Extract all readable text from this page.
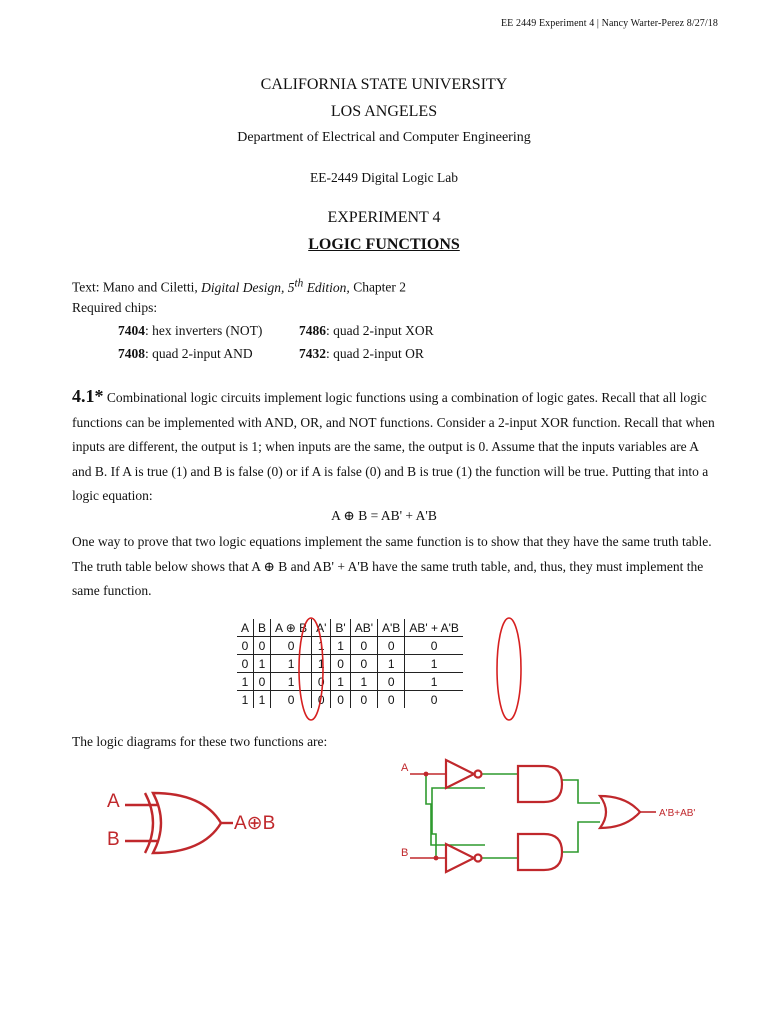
EE 2449 Experiment 4 | Nancy Warter-Perez 8/27/18
CALIFORNIA STATE UNIVERSITY
LOS ANGELES
Department of Electrical and Computer Engineering
EE-2449 Digital Logic Lab
EXPERIMENT 4
LOGIC FUNCTIONS
Text: Mano and Ciletti, Digital Design, 5th Edition, Chapter 2
Required chips:
7404: hex inverters (NOT)	7486: quad 2-input XOR
7408: quad 2-input AND	7432: quad 2-input OR
4.1* Combinational logic circuits implement logic functions using a combination of logic gates. Recall that all logic functions can be implemented with AND, OR, and NOT functions. Consider a 2-input XOR function. Recall that when inputs are different, the output is 1; when inputs are the same, the output is 0. Assume that the inputs variables are A and B. If A is true (1) and B is false (0) or if A is false (0) and B is true (1) the function will be true. Putting that into a logic equation:
A ⊕ B = AB' + A'B
One way to prove that two logic equations implement the same function is to show that they have the same truth table. The truth table below shows that A ⊕ B and AB' + A'B have the same truth table, and, thus, they must implement the same function.
A	B	A ⊕ B	A'	B'	AB'	A'B	AB' + A'B
0	0	0	1	1	0	0	0
0	1	1	1	0	0	1	1
1	0	1	0	1	1	0	1
1	1	0	0	0	0	0	0
The logic diagrams for these two functions are:
A
B
A⊕B
A
B
A'B+AB'
